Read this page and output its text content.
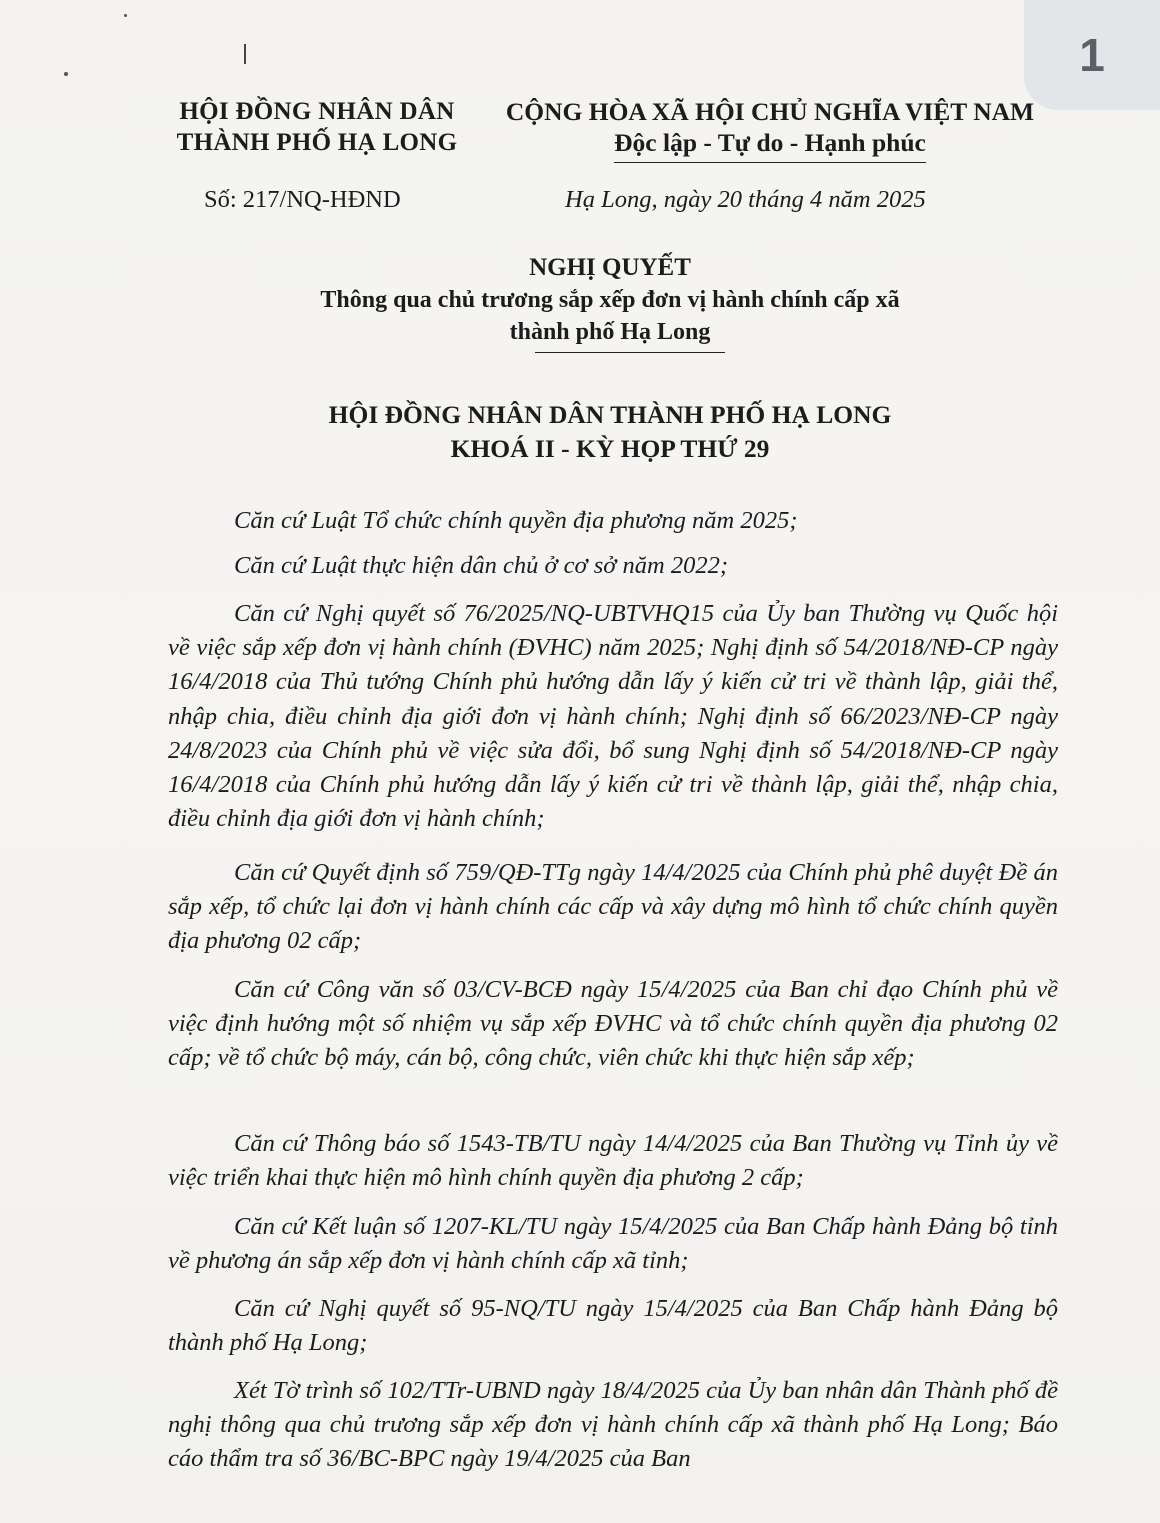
1
HỘI ĐỒNG NHÂN DÂN
THÀNH PHỐ HẠ LONG
CỘNG HÒA XÃ HỘI CHỦ NGHĨA VIỆT NAM
Độc lập - Tự do - Hạnh phúc
Số: 217/NQ-HĐND	Hạ Long, ngày 20 tháng 4 năm 2025
NGHỊ QUYẾT
Thông qua chủ trương sắp xếp đơn vị hành chính cấp xã
thành phố Hạ Long
HỘI ĐỒNG NHÂN DÂN THÀNH PHỐ HẠ LONG
KHOÁ II - KỲ HỌP THỨ 29

Căn cứ Luật Tổ chức chính quyền địa phương năm 2025;

Căn cứ Luật thực hiện dân chủ ở cơ sở năm 2022;

Căn cứ Nghị quyết số 76/2025/NQ-UBTVHQ15 của Ủy ban Thường vụ Quốc hội về việc sắp xếp đơn vị hành chính (ĐVHC) năm 2025; Nghị định số 54/2018/NĐ-CP ngày 16/4/2018 của Thủ tướng Chính phủ hướng dẫn lấy ý kiến cử tri về thành lập, giải thể, nhập chia, điều chỉnh địa giới đơn vị hành chính; Nghị định số 66/2023/NĐ-CP ngày 24/8/2023 của Chính phủ về việc sửa đổi, bổ sung Nghị định số 54/2018/NĐ-CP ngày 16/4/2018 của Chính phủ hướng dẫn lấy ý kiến cử tri về thành lập, giải thể, nhập chia, điều chỉnh địa giới đơn vị hành chính;

Căn cứ Quyết định số 759/QĐ-TTg ngày 14/4/2025 của Chính phủ phê duyệt Đề án sắp xếp, tổ chức lại đơn vị hành chính các cấp và xây dựng mô hình tổ chức chính quyền địa phương 02 cấp;

Căn cứ Công văn số 03/CV-BCĐ ngày 15/4/2025 của Ban chỉ đạo Chính phủ về việc định hướng một số nhiệm vụ sắp xếp ĐVHC và tổ chức chính quyền địa phương 02 cấp; về tổ chức bộ máy, cán bộ, công chức, viên chức khi thực hiện sắp xếp;

Căn cứ Thông báo số 1543-TB/TU ngày 14/4/2025 của Ban Thường vụ Tỉnh ủy về việc triển khai thực hiện mô hình chính quyền địa phương 2 cấp;

Căn cứ Kết luận số 1207-KL/TU ngày 15/4/2025 của Ban Chấp hành Đảng bộ tỉnh về phương án sắp xếp đơn vị hành chính cấp xã tỉnh;

Căn cứ Nghị quyết số 95-NQ/TU ngày 15/4/2025 của Ban Chấp hành Đảng bộ thành phố Hạ Long;

Xét Tờ trình số 102/TTr-UBND ngày 18/4/2025 của Ủy ban nhân dân Thành phố đề nghị thông qua chủ trương sắp xếp đơn vị hành chính cấp xã thành phố Hạ Long; Báo cáo thẩm tra số 36/BC-BPC ngày 19/4/2025 của Ban
